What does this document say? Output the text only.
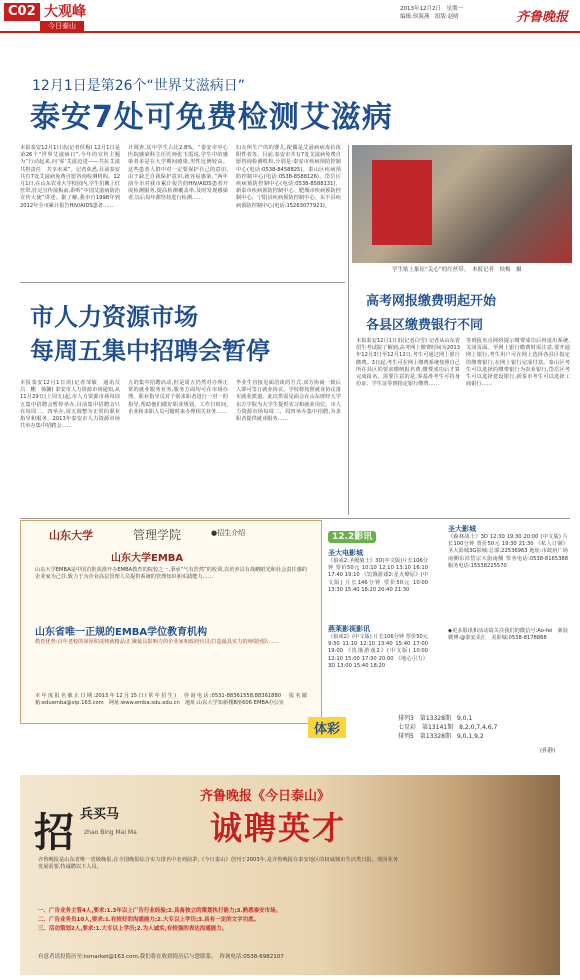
C02 大观峰
今日泰山
2013年12月2日　星期一
编辑:侯海燕　组版:赵晴	齐鲁晚报
12月1日是第26个“世界艾滋病日”
泰安7处可免费检测艾滋病
本报泰安12月1日讯(记者侯梅) 12月1日是第26个“世界艾滋病日”,今年的宣传主题为“行动起来,向‘零’艾滋迈进——共抗艾滋　共担责任　共享未来”。记者获悉,目前泰安共有7处艾滋病免费自愿咨询检测机构。12月1日,在山东农业大学校园内,学生们戴上红丝带,驻足宣传展板前,聆听“中国艾滋病防治宣传大使”讲述。据了解,我市自1998年到2012年全市累计报告HIV/AIDS患者……
计调查,其中学生占比2.8%。“泰安市中心医院感染科主任医师张玉霞说,学生中的感染者多是在大学期间感染,男性比例较高。这些患者人群中对一定要保护自己的意识,由于缺乏自我保护意识,就容易感染。”两年前全市对我市累计报告的HIV/AIDS患者开展检测服务,提高检测覆盖率,及时发现感染者,以后每年都坚持进行检测……
妇女所生产的的婴儿,配偶是艾滋病病毒抗体阳性者等。目前,泰安市共有7处艾滋病免费自愿咨询检测机构,分别是:泰安市疾病预防控制中心(电话:0538-8458825)、泰山区疾病预防控制中心(电话:0538-8588126)、岱岳区疾病预防控制中心(电话:0538-8588131)、新泰市疾病预防控制中心、肥城市疾病预防控制中心、宁阳县疾病预防控制中心、东平县疾病预防控制中心(电话:15263077921)。
学生贴上象征“关心”的红丝带。　本报记者　侯梅　摄
市人力资源市场
每周五集中招聘会暂停
本报泰安12月1日讯(记者邹敏　通讯员　吕　鹏　韩馨) 泰安市人力资源市场通知,从11月29日(上周五)起,市人力资源市场每周五集中招聘会暂停举办,目前集中招聘会只在每周二、四举办,周五调整为正常的职业指导和服务。2013年泰安市人力资源市场共举办集中招聘会……
五的集中招聘活动,但是周五仍然对办理正常的就业服务业务,服务方面均可在市场办理。职业指导员对个别求职者进行一对一的指导,帮助他们做好职业规划。工作日时间,企业和求职人员可随时来办理相关业务……
毕业生直接见面洽谈的方式,双方协商一致后人即可签订就业协议。学校将按照就业协议落实就业派遣。此次供需见面会在山东财经大学东方学院为大学生提供实习和就业岗位。市人力资源市场每周二、周四举办集中招聘,为求职者提供就业服务……
高考网报缴费明起开始
各县区缴费银行不同
本报泰安12月1日讯(记者白雪) 记者从山东省招生考试院了解到,高考网上缴费时间为2013年12月3日至12月12日,考生可通过网上银行缴费。3日起,考生可在网上缴费系统按照自己所在县区的要求缴纳报名费,缴费成功后才算完成报名。需要注意的是,零基准考生可持身份证、学生证等到指定银行缴费……
等到报名点网络提示缴费成功后再退出系统,关闭页面。至网上银行缴费时需注意,要开通网上银行,考生用户可在网上选择各县区指定的缴费银行,在网上银行完成付款。泰山区考生可以选择的缴费银行为农业银行,岱岳区考生可以选择建设银行,新泰市考生可以选择工商银行……
山东大学	管理学院	●招生介绍
山东大学EMBA
山东大学EMBA是中国首批获准开办EMBA教育的院校之一,秉承“气有浩然”的校训,以培养具有战略眼光和社会责任感的企业家为己任,致力于为企业高层管理人员提供系统的管理知识和实践能力……
山东省唯一正规的EMBA学位教育机构
教育优势:百年老校的深厚积淀铸就精品;汇聚最具影响力的企业家和政府官员;打造最具实力的师资团队……
本年度报名截止日期:2013年12月15日(常年招生)　咨询电话:0531-88361558,88361880　报名邮箱:eduemba@vip.163.com　网址:www.emba.sdu.edu.cn　地址:山东大学知新楼B座606 EMBA办公室
12.2影讯
圣大电影城
《狼戒2:圣殿骑士》3D(中文版)片长106分钟 票价50元 10:10 12:10 13:10 16:10 17:40 19:10 《饥饿游戏2:星火燎原》(中文版) 片长146分钟 票价50元 10:00 13:30 15:40 18:20 20:40 21:30
燕莱影视影讯
《狼戒2》(中文版) 片长106分钟 票价50元 9:30 11:10 12:10 13:40 15:40 17:00 19:00 《饥饿游戏2》(中文版) 10:00 12:10 15:00 17:30 20:00 《地心引力》3D 13:00 15:40 18:20
圣大影城
《森林战士》3D 12:30 19:30 20:00 (中文版) 片长100分钟 票价50元 19:30 21:30 《私人订制》 圣大影城3G影城:总部:22536963 地址:市政府广场南侧东沿岱宗大街南侧 票务电话:0538-8165388 服务电话:15538225570
◆更多影讯和活动请关注我们的微信号:Ao-fei　新浪微博:@泰安美汇　美影城:0538-8178868
体彩
排列3　 第13328期　 9,0,1
七星彩　 第13141期　 8,2,0,7,4,6,7
排列5　 第13328期　 9,0,1,9,2
(孙静)
招 兵买马
zhao Bing Mai Ma
齐鲁晚报《今日泰山》
诚聘英才
齐鲁晚报是山东省唯一省级晚报,在全国晚报综合实力排名中名列前茅;《今日泰山》创刊于2003年,是齐鲁晚报在泰安地区的权威城市生活类日报。现因业务发展需要,特诚聘以下人员。
一、广告业务主管4人,要求:1.3年以上广告行业经验;2.具备独立的策划执行能力;3.熟悉泰安市场。
二、广告业务员10人,要求:1.有较好的沟通能力;2.大专以上学历;3.具有一定的文字功底。
三、活动策划2人,要求:1.大专以上学历;2.为人诚实,有较强的表达沟通能力。
有意者请投简历至:tsmarket@163.com,我们将在收到简历后与您联系。　咨询电话:0538-6982107
